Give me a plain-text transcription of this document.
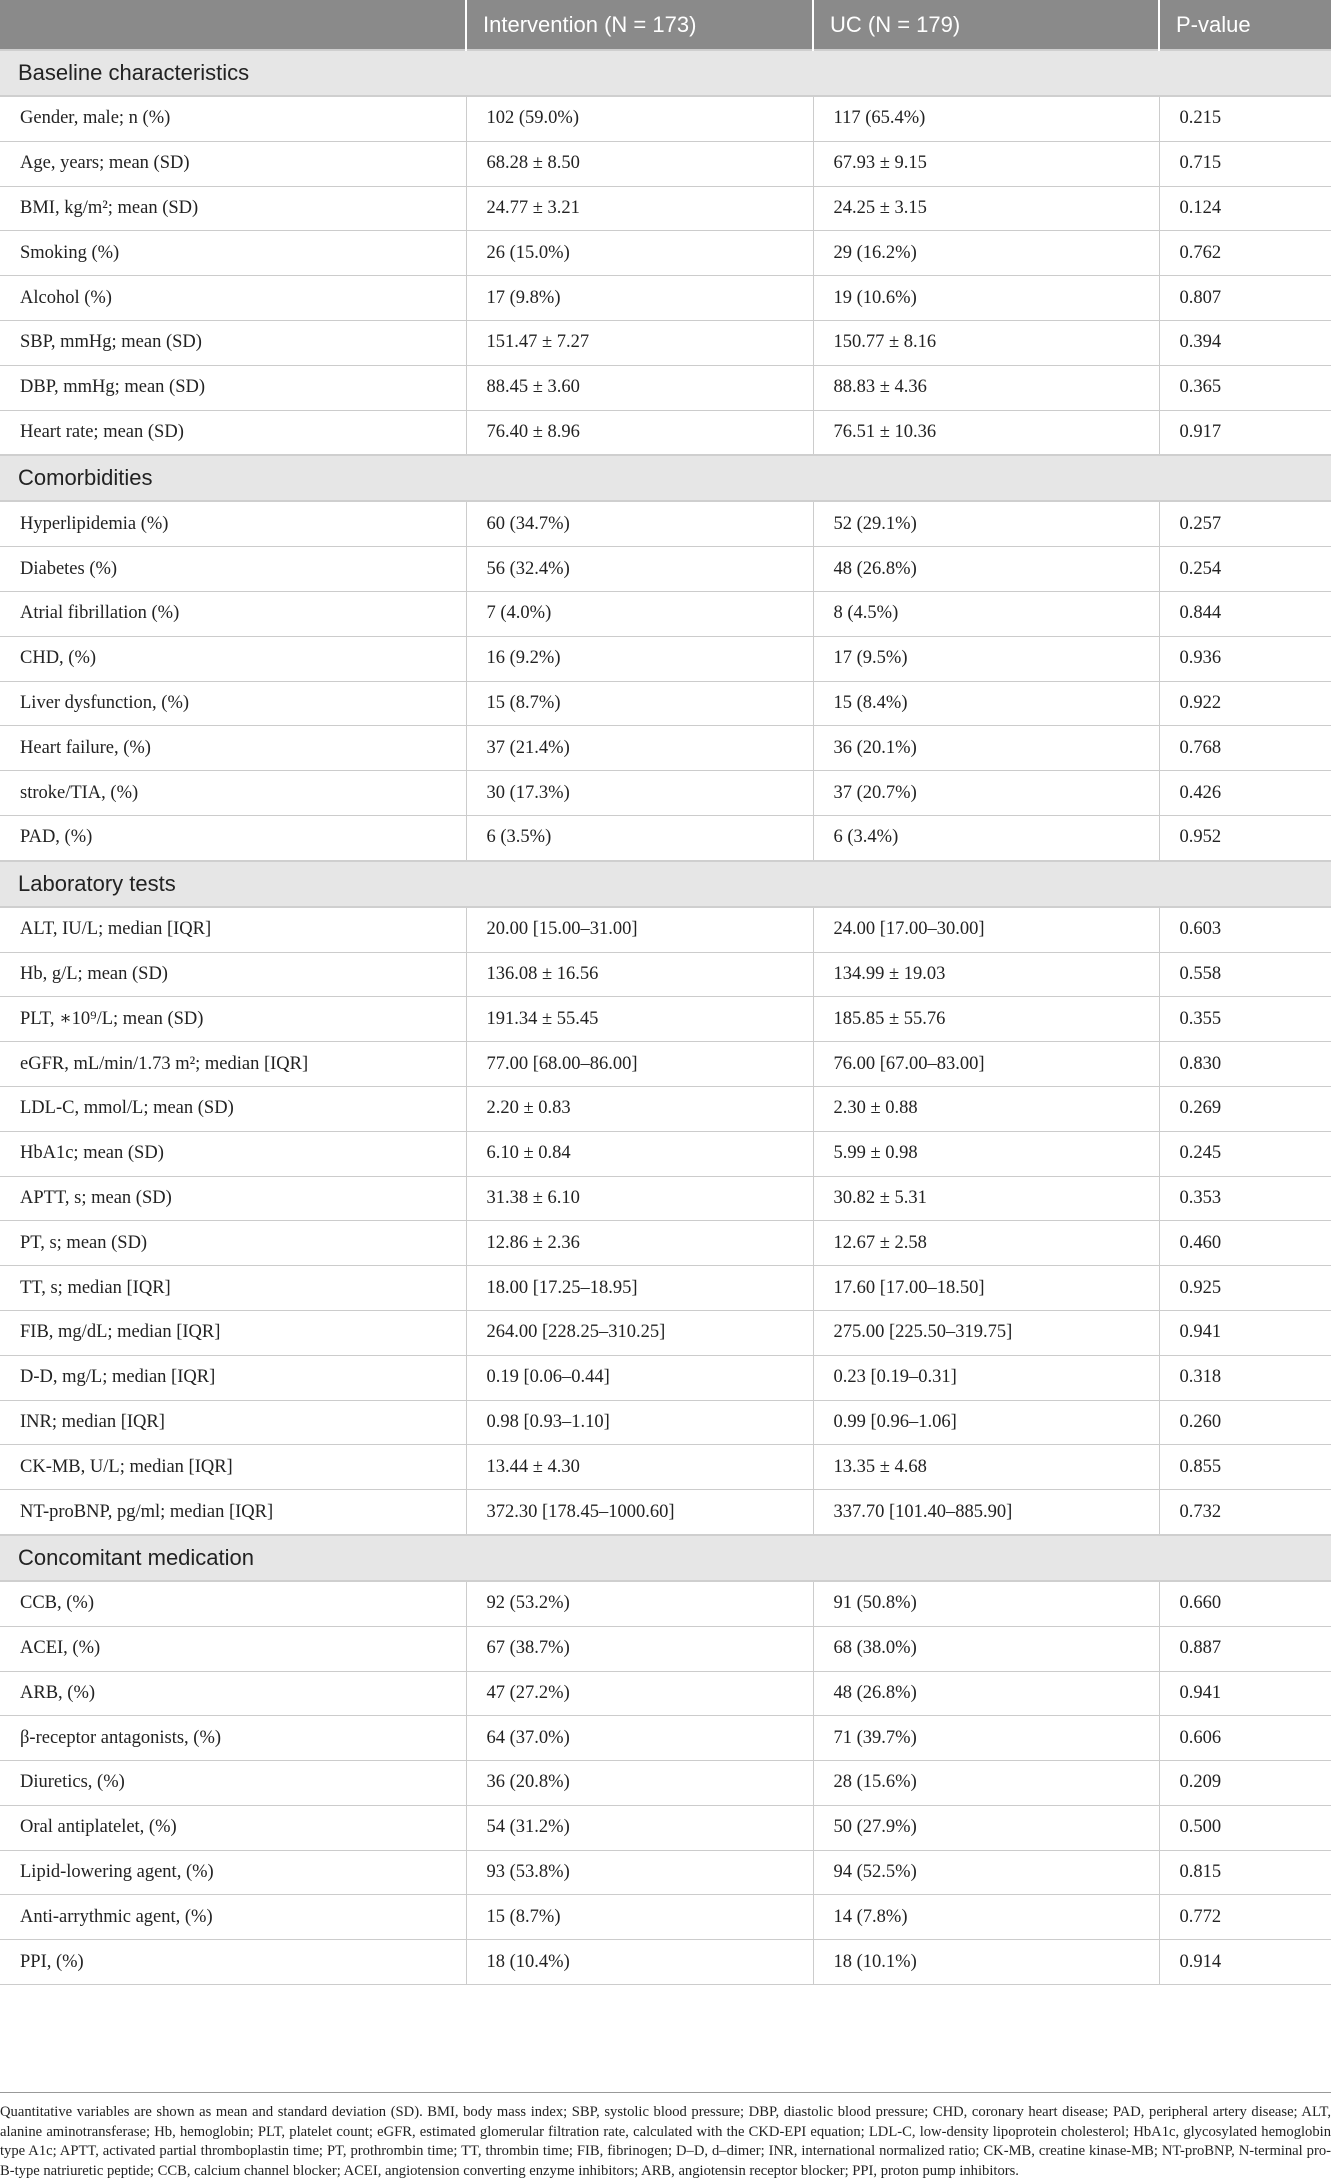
	Intervention (N = 173)	UC (N = 179)	P-value
Baseline characteristics			
Gender, male; n (%)	102 (59.0%)	117 (65.4%)	0.215
Age, years; mean (SD)	68.28 ± 8.50	67.93 ± 9.15	0.715
BMI, kg/m²; mean (SD)	24.77 ± 3.21	24.25 ± 3.15	0.124
Smoking (%)	26 (15.0%)	29 (16.2%)	0.762
Alcohol (%)	17 (9.8%)	19 (10.6%)	0.807
SBP, mmHg; mean (SD)	151.47 ± 7.27	150.77 ± 8.16	0.394
DBP, mmHg; mean (SD)	88.45 ± 3.60	88.83 ± 4.36	0.365
Heart rate; mean (SD)	76.40 ± 8.96	76.51 ± 10.36	0.917
Comorbidities			
Hyperlipidemia (%)	60 (34.7%)	52 (29.1%)	0.257
Diabetes (%)	56 (32.4%)	48 (26.8%)	0.254
Atrial fibrillation (%)	7 (4.0%)	8 (4.5%)	0.844
CHD, (%)	16 (9.2%)	17 (9.5%)	0.936
Liver dysfunction, (%)	15 (8.7%)	15 (8.4%)	0.922
Heart failure, (%)	37 (21.4%)	36 (20.1%)	0.768
stroke/TIA, (%)	30 (17.3%)	37 (20.7%)	0.426
PAD, (%)	6 (3.5%)	6 (3.4%)	0.952
Laboratory tests			
ALT, IU/L; median [IQR]	20.00 [15.00–31.00]	24.00 [17.00–30.00]	0.603
Hb, g/L; mean (SD)	136.08 ± 16.56	134.99 ± 19.03	0.558
PLT, ∗10⁹/L; mean (SD)	191.34 ± 55.45	185.85 ± 55.76	0.355
eGFR, mL/min/1.73 m²; median [IQR]	77.00 [68.00–86.00]	76.00 [67.00–83.00]	0.830
LDL-C, mmol/L; mean (SD)	2.20 ± 0.83	2.30 ± 0.88	0.269
HbA1c; mean (SD)	6.10 ± 0.84	5.99 ± 0.98	0.245
APTT, s; mean (SD)	31.38 ± 6.10	30.82 ± 5.31	0.353
PT, s; mean (SD)	12.86 ± 2.36	12.67 ± 2.58	0.460
TT, s; median [IQR]	18.00 [17.25–18.95]	17.60 [17.00–18.50]	0.925
FIB, mg/dL; median [IQR]	264.00 [228.25–310.25]	275.00 [225.50–319.75]	0.941
D-D, mg/L; median [IQR]	0.19 [0.06–0.44]	0.23 [0.19–0.31]	0.318
INR; median [IQR]	0.98 [0.93–1.10]	0.99 [0.96–1.06]	0.260
CK-MB, U/L; median [IQR]	13.44 ± 4.30	13.35 ± 4.68	0.855
NT-proBNP, pg/ml; median [IQR]	372.30 [178.45–1000.60]	337.70 [101.40–885.90]	0.732
Concomitant medication			
CCB, (%)	92 (53.2%)	91 (50.8%)	0.660
ACEI, (%)	67 (38.7%)	68 (38.0%)	0.887
ARB, (%)	47 (27.2%)	48 (26.8%)	0.941
β-receptor antagonists, (%)	64 (37.0%)	71 (39.7%)	0.606
Diuretics, (%)	36 (20.8%)	28 (15.6%)	0.209
Oral antiplatelet, (%)	54 (31.2%)	50 (27.9%)	0.500
Lipid-lowering agent, (%)	93 (53.8%)	94 (52.5%)	0.815
Anti-arrythmic agent, (%)	15 (8.7%)	14 (7.8%)	0.772
PPI, (%)	18 (10.4%)	18 (10.1%)	0.914
Quantitative variables are shown as mean and standard deviation (SD). BMI, body mass index; SBP, systolic blood pressure; DBP, diastolic blood pressure; CHD, coronary heart disease; PAD, peripheral artery disease; ALT, alanine aminotransferase; Hb, hemoglobin; PLT, platelet count; eGFR, estimated glomerular filtration rate, calculated with the CKD-EPI equation; LDL-C, low-density lipoprotein cholesterol; HbA1c, glycosylated hemoglobin type A1c; APTT, activated partial thromboplastin time; PT, prothrombin time; TT, thrombin time; FIB, fibrinogen; D–D, d–dimer; INR, international normalized ratio; CK-MB, creatine kinase-MB; NT-proBNP, N-terminal pro-B-type natriuretic peptide; CCB, calcium channel blocker; ACEI, angiotension converting enzyme inhibitors; ARB, angiotensin receptor blocker; PPI, proton pump inhibitors.
